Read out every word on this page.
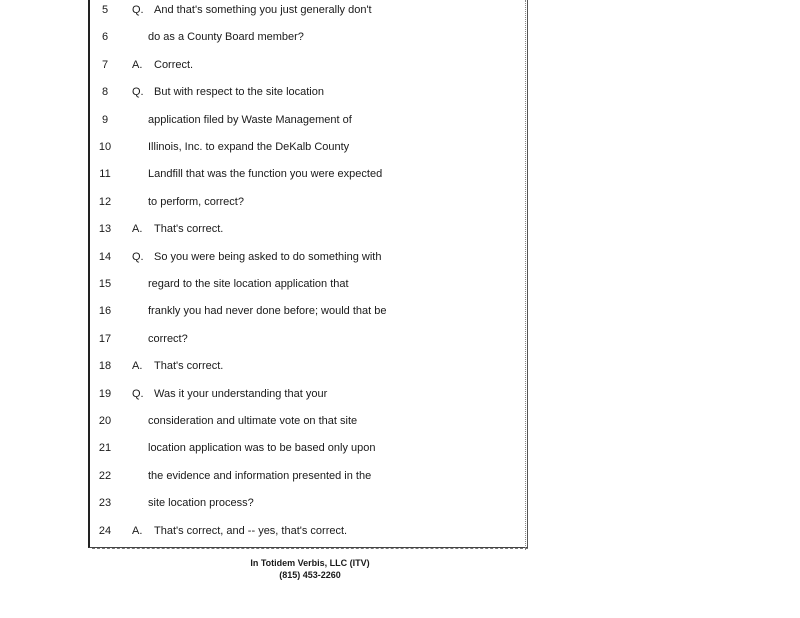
5	Q. And that's something you just generally don't
6	do as a County Board member?
7	A. Correct.
8	Q. But with respect to the site location
9	application filed by Waste Management of
10	Illinois, Inc. to expand the DeKalb County
11	Landfill that was the function you were expected
12	to perform, correct?
13	A. That's correct.
14	Q. So you were being asked to do something with
15	regard to the site location application that
16	frankly you had never done before; would that be
17	correct?
18	A. That's correct.
19	Q. Was it your understanding that your
20	consideration and ultimate vote on that site
21	location application was to be based only upon
22	the evidence and information presented in the
23	site location process?
24	A. That's correct, and -- yes, that's correct.
In Totidem Verbis, LLC (ITV)
(815) 453-2260
